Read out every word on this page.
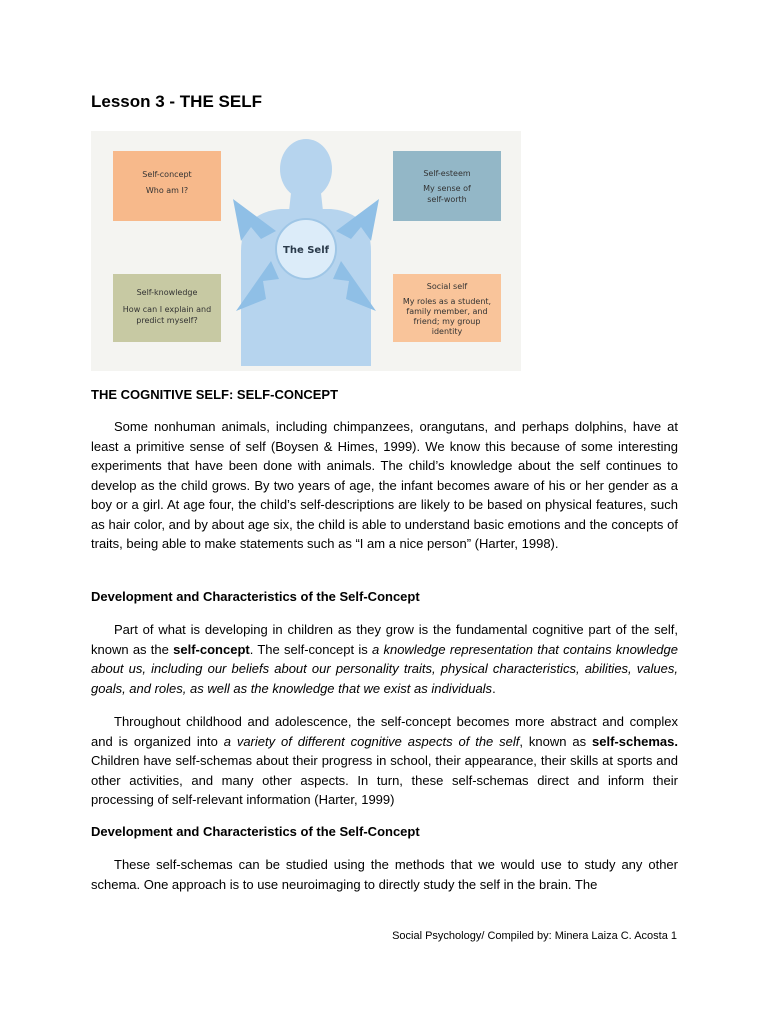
Lesson 3 - THE SELF
The Self
Self-concept
Who am I?
Self-esteem
My sense of
self-worth
Self-knowledge
How can I explain and
predict myself?
Social self
My roles as a student,
family member, and
friend; my group
identity
THE COGNITIVE SELF: SELF-CONCEPT

Some nonhuman animals, including chimpanzees, orangutans, and perhaps dolphins, have at least a primitive sense of self (Boysen & Himes, 1999). We know this because of some interesting experiments that have been done with animals. The child’s knowledge about the self continues to develop as the child grows. By two years of age, the infant becomes aware of his or her gender as a boy or a girl. At age four, the child’s self-descriptions are likely to be based on physical features, such as hair color, and by about age six, the child is able to understand basic emotions and the concepts of traits, being able to make statements such as “I am a nice person” (Harter, 1998).

Development and Characteristics of the Self-Concept

Part of what is developing in children as they grow is the fundamental cognitive part of the self, known as the self-concept. The self-concept is a knowledge representation that contains knowledge about us, including our beliefs about our personality traits, physical characteristics, abilities, values, goals, and roles, as well as the knowledge that we exist as individuals.

Throughout childhood and adolescence, the self-concept becomes more abstract and complex and is organized into a variety of different cognitive aspects of the self, known as self-schemas. Children have self-schemas about their progress in school, their appearance, their skills at sports and other activities, and many other aspects. In turn, these self-schemas direct and inform their processing of self-relevant information (Harter, 1999)

Development and Characteristics of the Self-Concept

These self-schemas can be studied using the methods that we would use to study any other schema. One approach is to use neuroimaging to directly study the self in the brain. The

Social Psychology/ Compiled by: Minera Laiza C. Acosta 1
